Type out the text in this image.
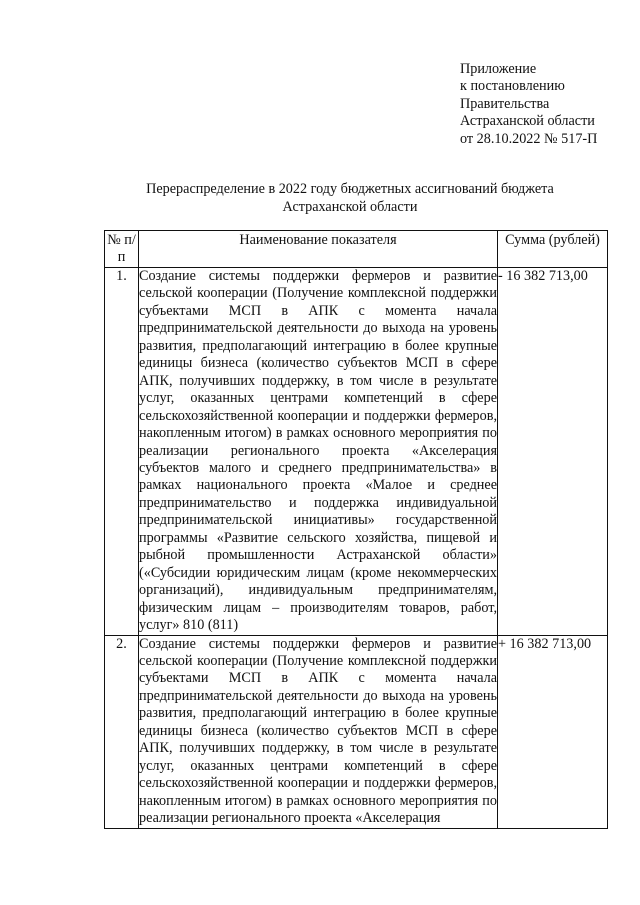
Приложение
к постановлению
Правительства
Астраханской области
от 28.10.2022 № 517-П
Перераспределение в 2022 году бюджетных ассигнований бюджета
Астраханской области
№ п/п	Наименование показателя	Сумма (рублей)
1.	Создание системы поддержки фермеров и развитие сельской кооперации (Получение комплексной поддержки субъектами МСП в АПК с момента начала предпринимательской деятельности до выхода на уровень развития, предполагающий интеграцию в более крупные единицы бизнеса (количество субъектов МСП в сфере АПК, получивших поддержку, в том числе в результате услуг, оказанных центрами компетенций в сфере сельскохозяйственной кооперации и поддержки фермеров, накопленным итогом) в рамках основного мероприятия по реализации регионального проекта «Акселерация субъектов малого и среднего предпринимательства» в рамках национального проекта «Малое и среднее предпринимательство и поддержка индивидуальной предпринимательской инициативы» государственной программы «Развитие сельского хозяйства, пищевой и рыбной промышленности Астраханской области» («Субсидии юридическим лицам (кроме некоммерческих организаций), индивидуальным предпринимателям, физическим лицам – производителям товаров, работ, услуг» 810 (811)	- 16 382 713,00
2.	Создание системы поддержки фермеров и развитие сельской кооперации (Получение комплексной поддержки субъектами МСП в АПК с момента начала предпринимательской деятельности до выхода на уровень развития, предполагающий интеграцию в более крупные единицы бизнеса (количество субъектов МСП в сфере АПК, получивших поддержку, в том числе в результате услуг, оказанных центрами компетенций в сфере сельскохозяйственной кооперации и поддержки фермеров, накопленным итогом) в рамках основного мероприятия по реализации регионального проекта «Акселерация	+ 16 382 713,00
